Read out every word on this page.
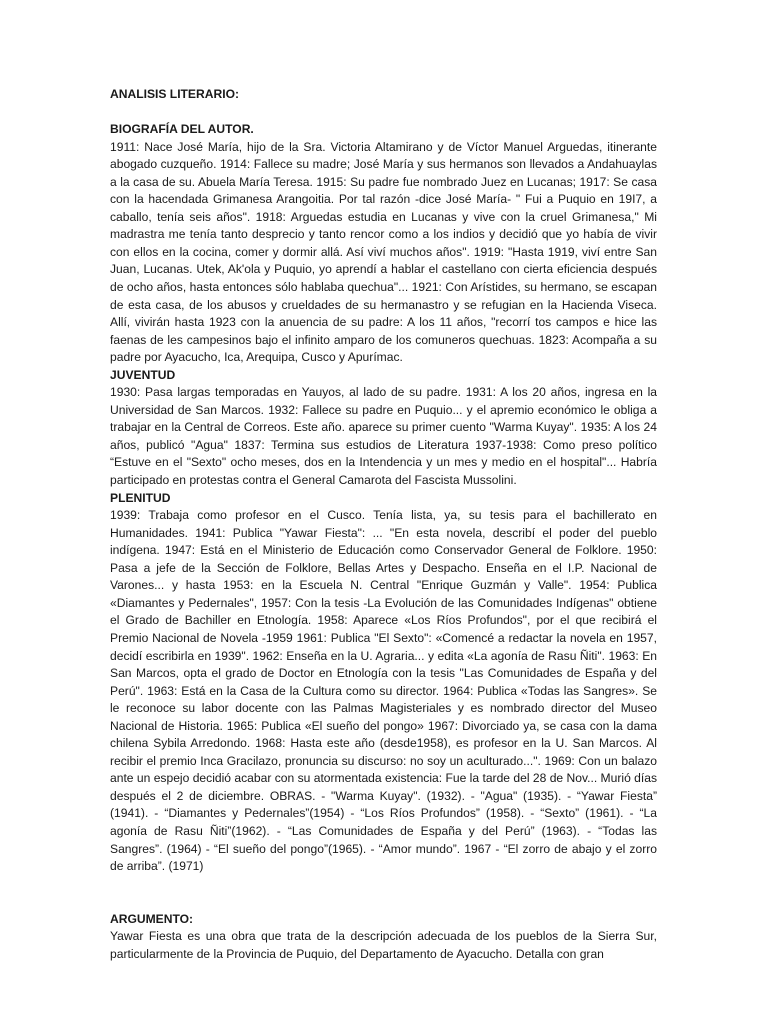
ANALISIS LITERARIO:

BIOGRAFÍA DEL AUTOR.

1911: Nace José María, hijo de la Sra. Victoria Altamirano y de Víctor Manuel Arguedas, itinerante abogado cuzqueño. 1914: Fallece su madre; José María y sus hermanos son llevados a Andahuaylas a la casa de su. Abuela María Teresa. 1915: Su padre fue nombrado Juez en Lucanas; 1917: Se casa con la hacendada Grimanesa Arangoitia. Por tal razón -dice José María- " Fui a Puquio en 19I7, a caballo, tenía seis años". 1918: Arguedas estudia en Lucanas y vive con la cruel Grimanesa," Mi madrastra me tenía tanto desprecio y tanto rencor como a los indios y decidió que yo había de vivir con ellos en la cocina, comer y dormir allá. Así viví muchos años". 1919: "Hasta 1919, viví entre San Juan, Lucanas. Utek, Ak'ola y Puquio, yo aprendí a hablar el castellano con cierta eficiencia después de ocho años, hasta entonces sólo hablaba quechua"... 1921: Con Arístides, su hermano, se escapan de esta casa, de los abusos y crueldades de su hermanastro y se refugian en la Hacienda Viseca. Allí, vivirán hasta 1923 con la anuencia de su padre: A los 11 años, "recorrí tos campos e hice las faenas de les campesinos bajo el infinito amparo de los comuneros quechuas. 1823: Acompaña a su padre por Ayacucho, Ica, Arequipa, Cusco y Apurímac.

JUVENTUD

1930: Pasa largas temporadas en Yauyos, al lado de su padre. 1931: A los 20 años, ingresa en la Universidad de San Marcos. 1932: Fallece su padre en Puquio... y el apremio económico le obliga a trabajar en la Central de Correos. Este año. aparece su primer cuento "Warma Kuyay". 1935: A los 24 años, publicó "Agua" 1837: Termina sus estudios de Literatura 1937-1938: Como preso político “Estuve en el "Sexto" ocho meses, dos en la Intendencia y un mes y medio en el hospital"... Habría participado en protestas contra el General Camarota del Fascista Mussolini.

PLENITUD

1939: Trabaja como profesor en el Cusco. Tenía lista, ya, su tesis para el bachillerato en Humanidades. 1941: Publica "Yawar Fiesta": ... "En esta novela, describí el poder del pueblo indígena. 1947: Está en el Ministerio de Educación como Conservador General de Folklore. 1950: Pasa a jefe de la Sección de Folklore, Bellas Artes y Despacho. Enseña en el I.P. Nacional de Varones... y hasta 1953: en la Escuela N. Central "Enrique Guzmán y Valle". 1954: Publica «Diamantes y Pedernales", 1957: Con la tesis -La Evolución de las Comunidades Indígenas" obtiene el Grado de Bachiller en Etnología. 1958: Aparece «Los Ríos Profundos", por el que recibirá el Premio Nacional de Novela -1959 1961: Publica "El Sexto": «Comencé a redactar la novela en 1957, decidí escribirla en 1939". 1962: Enseña en la U. Agraria... y edita «La agonía de Rasu Ñiti". 1963: En San Marcos, opta el grado de Doctor en Etnología con la tesis "Las Comunidades de España y del Perú". 1963: Está en la Casa de la Cultura como su director. 1964: Publica «Todas las Sangres». Se le reconoce su labor docente con las Palmas Magisteriales y es nombrado director del Museo Nacional de Historia. 1965: Publica «El sueño del pongo» 1967: Divorciado ya, se casa con la dama chilena Sybila Arredondo. 1968: Hasta este año (desde1958), es profesor en la U. San Marcos. Al recibir el premio Inca Gracilazo, pronuncia su discurso: no soy un aculturado...". 1969: Con un balazo ante un espejo decidió acabar con su atormentada existencia: Fue la tarde del 28 de Nov... Murió días después el 2 de diciembre. OBRAS. - "Warma Kuyay". (1932). - "Agua" (1935). - “Yawar Fiesta” (1941). - “Diamantes y Pedernales”(1954) - “Los Ríos Profundos” (1958). - “Sexto” (1961). - “La agonía de Rasu Ñiti”(1962). - “Las Comunidades de España y del Perú” (1963). - “Todas las Sangres”. (1964) - “El sueño del pongo”(1965). - “Amor mundo”. 1967 - “El zorro de abajo y el zorro de arriba”. (1971)

ARGUMENTO:

Yawar Fiesta es una obra que trata de la descripción adecuada de los pueblos de la Sierra Sur, particularmente de la Provincia de Puquio, del Departamento de Ayacucho. Detalla con gran
